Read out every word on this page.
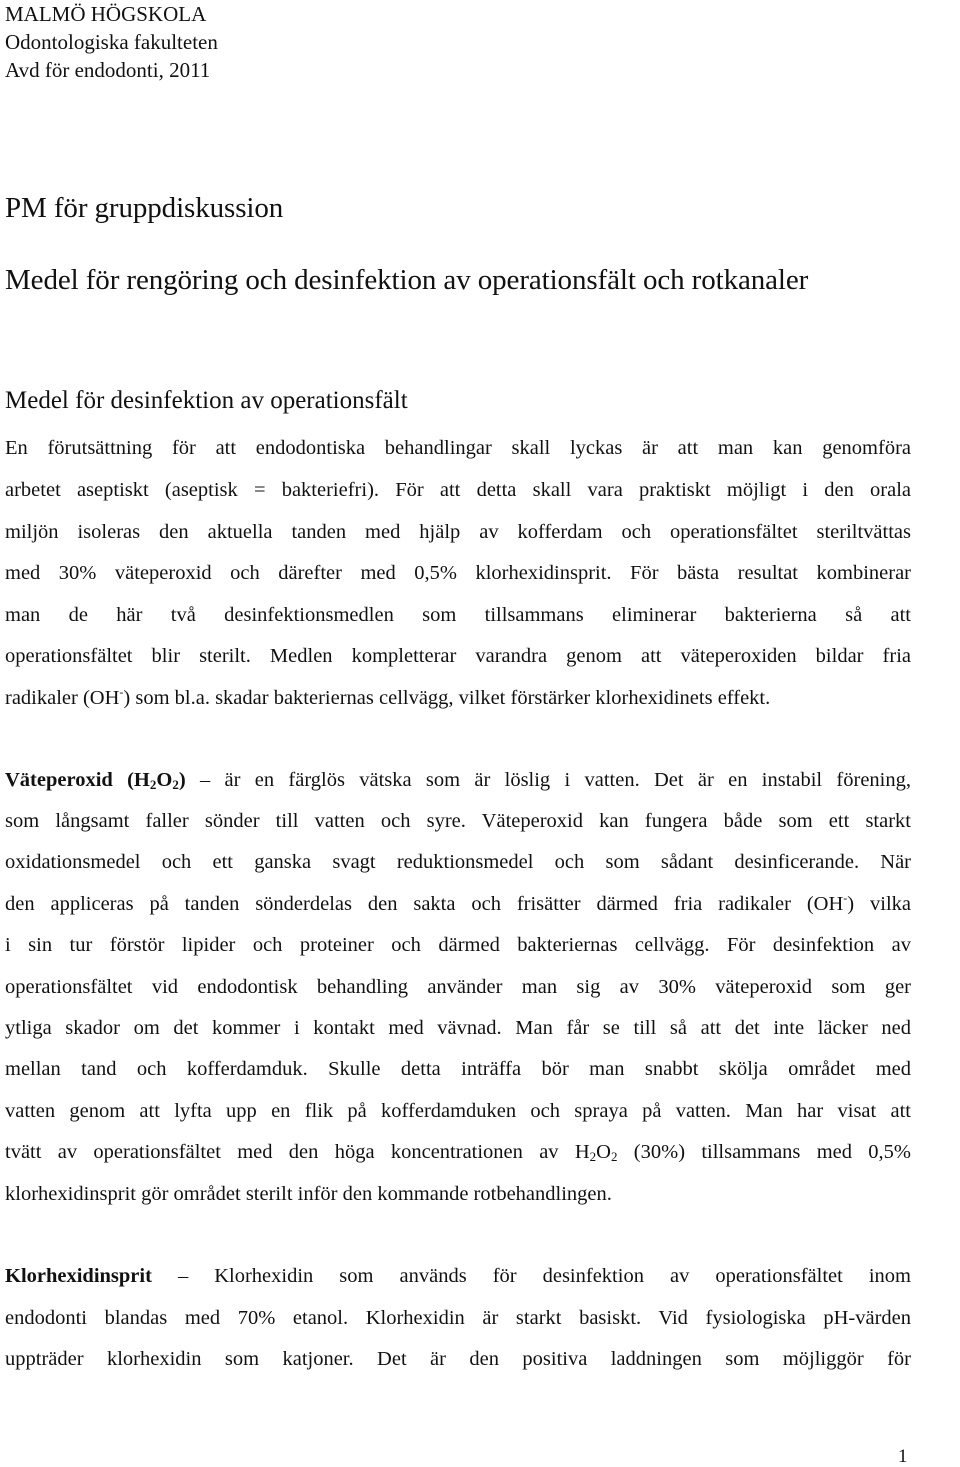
MALMÖ HÖGSKOLA
Odontologiska fakulteten
Avd för endodonti, 2011
PM för gruppdiskussion
Medel för rengöring och desinfektion av operationsfält och rotkanaler
Medel för desinfektion av operationsfält
En förutsättning för att endodontiska behandlingar skall lyckas är att man kan genomföra
arbetet aseptiskt (aseptisk = bakteriefri). För att detta skall vara praktiskt möjligt i den orala
miljön isoleras den aktuella tanden med hjälp av kofferdam och operationsfältet steriltvättas
med 30% väteperoxid och därefter med 0,5% klorhexidinsprit. För bästa resultat kombinerar
man de här två desinfektionsmedlen som tillsammans eliminerar bakterierna så att
operationsfältet blir sterilt. Medlen kompletterar varandra genom att väteperoxiden bildar fria
radikaler (OH-) som bl.a. skadar bakteriernas cellvägg, vilket förstärker klorhexidinets effekt.
Väteperoxid $(H_2O_2)$ – är en färglös vätska som är löslig i vatten. Det är en instabil förening,
som långsamt faller sönder till vatten och syre. Väteperoxid kan fungera både som ett starkt
oxidationsmedel och ett ganska svagt reduktionsmedel och som sådant desinficerande. När
den appliceras på tanden sönderdelas den sakta och frisätter därmed fria radikaler (OH-) vilka
i sin tur förstör lipider och proteiner och därmed bakteriernas cellvägg. För desinfektion av
operationsfältet vid endodontisk behandling använder man sig av 30% väteperoxid som ger
ytliga skador om det kommer i kontakt med vävnad. Man får se till så att det inte läcker ned
mellan tand och kofferdamduk. Skulle detta inträffa bör man snabbt skölja området med
vatten genom att lyfta upp en flik på kofferdamduken och spraya på vatten. Man har visat att
tvätt av operationsfältet med den höga koncentrationen av $H_2O_2$ (30%) tillsammans med 0,5%
klorhexidinsprit gör området sterilt inför den kommande rotbehandlingen.
Klorhexidinsprit – Klorhexidin som används för desinfektion av operationsfältet inom
endodonti blandas med 70% etanol. Klorhexidin är starkt basiskt. Vid fysiologiska pH-värden
uppträder klorhexidin som katjoner. Det är den positiva laddningen som möjliggör för
1
